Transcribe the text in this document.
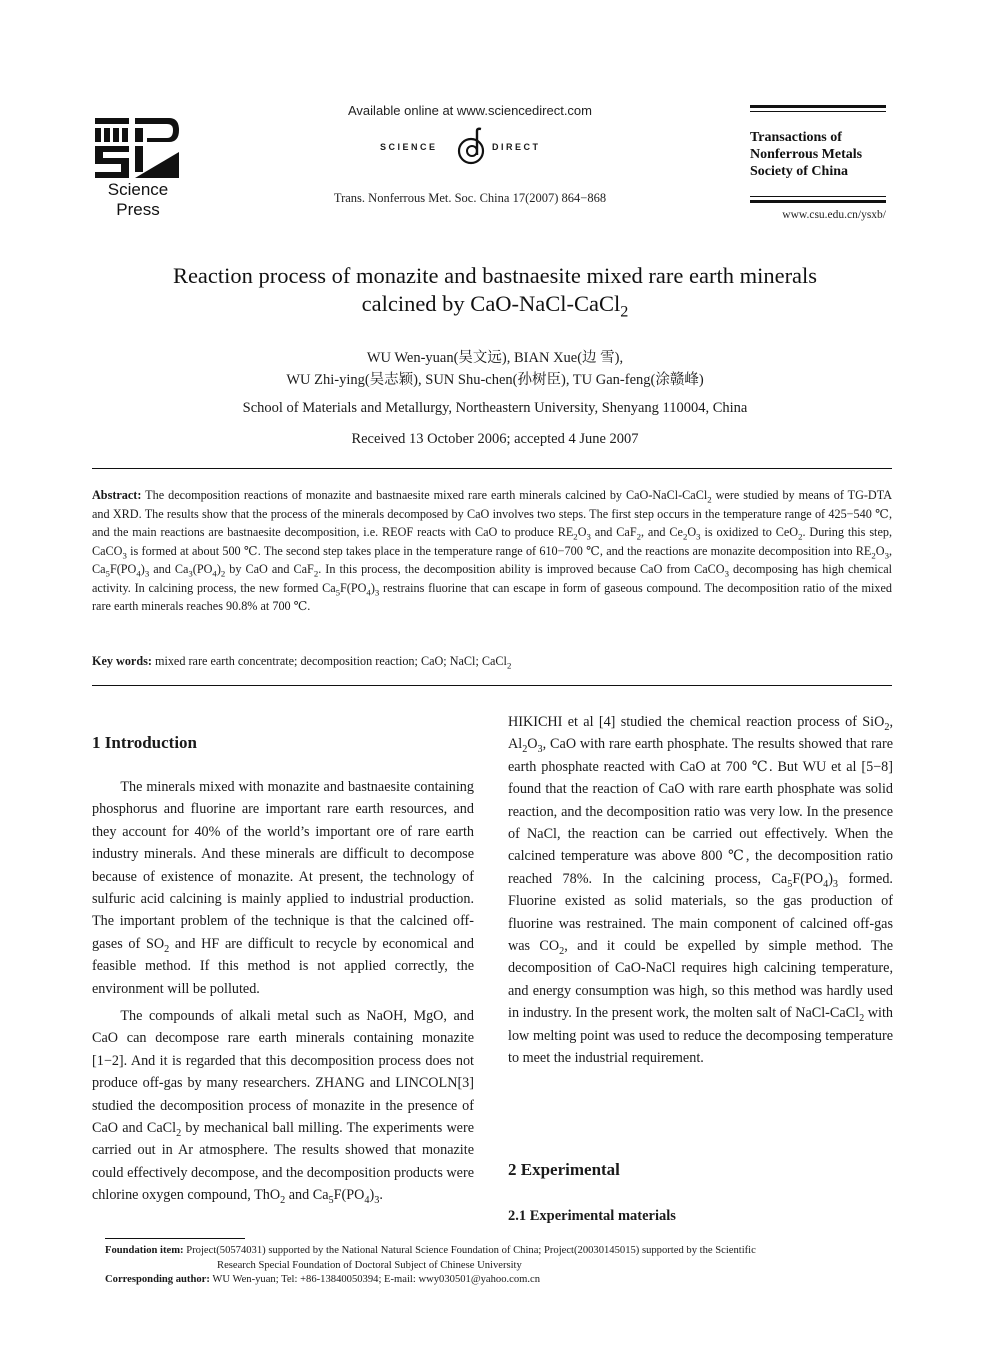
Science
Press
Available online at www.sciencedirect.com
SCIENCE	DIRECT
Trans. Nonferrous Met. Soc. China 17(2007) 864−868
Transactions of
Nonferrous Metals
Society of China
www.csu.edu.cn/ysxb/
Reaction process of monazite and bastnaesite mixed rare earth minerals
calcined by CaO-NaCl-CaCl$_2$
WU Wen-yuan(吴文远), BIAN Xue(边 雪),
WU Zhi-ying(吴志颖), SUN Shu-chen(孙树臣), TU Gan-feng(涂赣峰)
School of Materials and Metallurgy, Northeastern University, Shenyang 110004, China
Received 13 October 2006; accepted 4 June 2007
Abstract: The decomposition reactions of monazite and bastnaesite mixed rare earth minerals calcined by CaO-NaCl-CaCl$_2$ were studied by means of TG-DTA and XRD. The results show that the process of the minerals decomposed by CaO involves two steps. The first step occurs in the temperature range of 425−540 ℃, and the main reactions are bastnaesite decomposition, i.e. REOF reacts with CaO to produce $RE_2O_3$ and CaF$_2$, and $Ce_2O_3$ is oxidized to CeO$_2$. During this step, CaCO$_3$ is formed at about 500 ℃. The second step takes place in the temperature range of 610−700 ℃, and the reactions are monazite decomposition into $RE_2O_3$, $Ca_5F(PO_4)_3$ and $Ca_3(PO_4)_2$ by CaO and CaF$_2$. In this process, the decomposition ability is improved because CaO from CaCO$_3$ decomposing has high chemical activity. In calcining process, the new formed $Ca_5F(PO_4)_3$ restrains fluorine that can escape in form of gaseous compound. The decomposition ratio of the mixed rare earth minerals reaches 90.8% at 700 ℃.
Key words: mixed rare earth concentrate; decomposition reaction; CaO; NaCl; CaCl$_2$
1 Introduction

The minerals mixed with monazite and bastnaesite containing phosphorus and fluorine are important rare earth resources, and they account for 40% of the world’s important ore of rare earth industry minerals. And these minerals are difficult to decompose because of existence of monazite. At present, the technology of sulfuric acid calcining is mainly applied to industrial production. The important problem of the technique is that the calcined off-gases of $SO_2$ and HF are difficult to recycle by economical and feasible method. If this method is not applied correctly, the environment will be polluted.

The compounds of alkali metal such as NaOH, MgO, and CaO can decompose rare earth minerals containing monazite [1−2]. And it is regarded that this decomposition process does not produce off-gas by many researchers. ZHANG and LINCOLN[3] studied the decomposition process of monazite in the presence of CaO and CaCl$_2$ by mechanical ball milling. The experiments were carried out in Ar atmosphere. The results showed that monazite could effectively decompose, and the decomposition products were chlorine oxygen compound, ThO$_2$ and $Ca_5F(PO_4)_3$.

HIKICHI et al [4] studied the chemical reaction process of SiO$_2$, $Al_2O_3$, CaO with rare earth phosphate. The results showed that rare earth phosphate reacted with CaO at 700 ℃. But WU et al [5−8] found that the reaction of CaO with rare earth phosphate was solid reaction, and the decomposition ratio was very low. In the presence of NaCl, the reaction can be carried out effectively. When the calcined temperature was above 800 ℃, the decomposition ratio reached 78%. In the calcining process, $Ca_5F(PO_4)_3$ formed. Fluorine existed as solid materials, so the gas production of fluorine was restrained. The main component of calcined off-gas was $CO_2$, and it could be expelled by simple method. The decomposition of CaO-NaCl requires high calcining temperature, and energy consumption was high, so this method was hardly used in industry. In the present work, the molten salt of NaCl-CaCl$_2$ with low melting point was used to reduce the decomposing temperature to meet the industrial requirement.

2 Experimental
2.1 Experimental materials
Foundation item: Project(50574031) supported by the National Natural Science Foundation of China; Project(20030145015) supported by the Scientific
Research Special Foundation of Doctoral Subject of Chinese University
Corresponding author: WU Wen-yuan; Tel: +86-13840050394; E-mail: wwy030501@yahoo.com.cn
